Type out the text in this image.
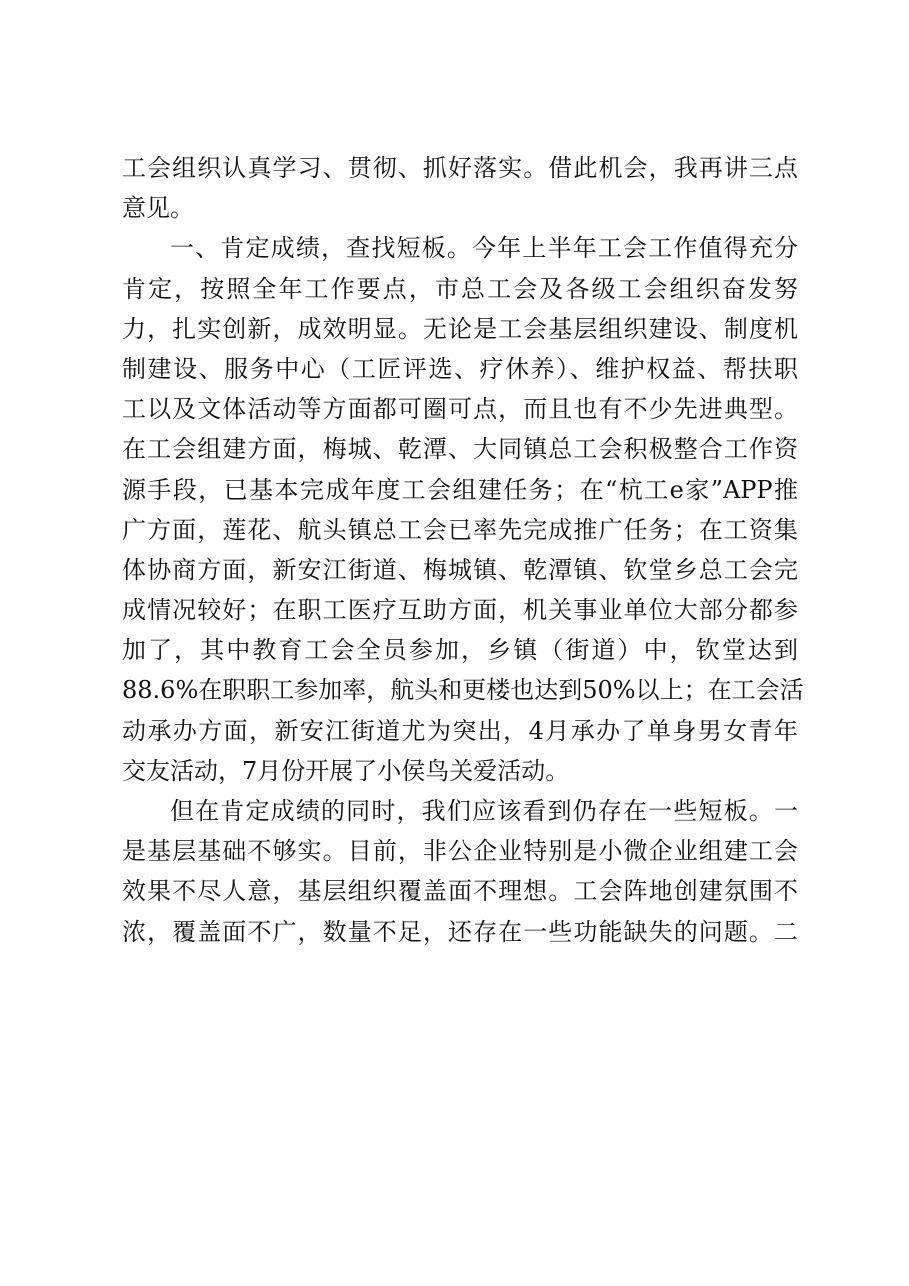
工会组织认真学习、贯彻、抓好落实。借此机会，我再讲三点

意见。

一、肯定成绩，查找短板。今年上半年工会工作值得充分

肯定，按照全年工作要点，市总工会及各级工会组织奋发努

力，扎实创新，成效明显。无论是工会基层组织建设、制度机

制建设、服务中心（工匠评选、疗休养）、维护权益、帮扶职

工以及文体活动等方面都可圈可点，而且也有不少先进典型。

在工会组建方面，梅城、乾潭、大同镇总工会积极整合工作资

源手段，已基本完成年度工会组建任务；在“杭工e家”APP推

广方面，莲花、航头镇总工会已率先完成推广任务；在工资集

体协商方面，新安江街道、梅城镇、乾潭镇、钦堂乡总工会完

成情况较好；在职工医疗互助方面，机关事业单位大部分都参

加了，其中教育工会全员参加，乡镇（街道）中，钦堂达到

88.6%在职职工参加率，航头和更楼也达到50%以上；在工会活

动承办方面，新安江街道尤为突出，4月承办了单身男女青年

交友活动，7月份开展了小侯鸟关爱活动。

但在肯定成绩的同时，我们应该看到仍存在一些短板。一

是基层基础不够实。目前，非公企业特别是小微企业组建工会

效果不尽人意，基层组织覆盖面不理想。工会阵地创建氛围不

浓，覆盖面不广，数量不足，还存在一些功能缺失的问题。二
